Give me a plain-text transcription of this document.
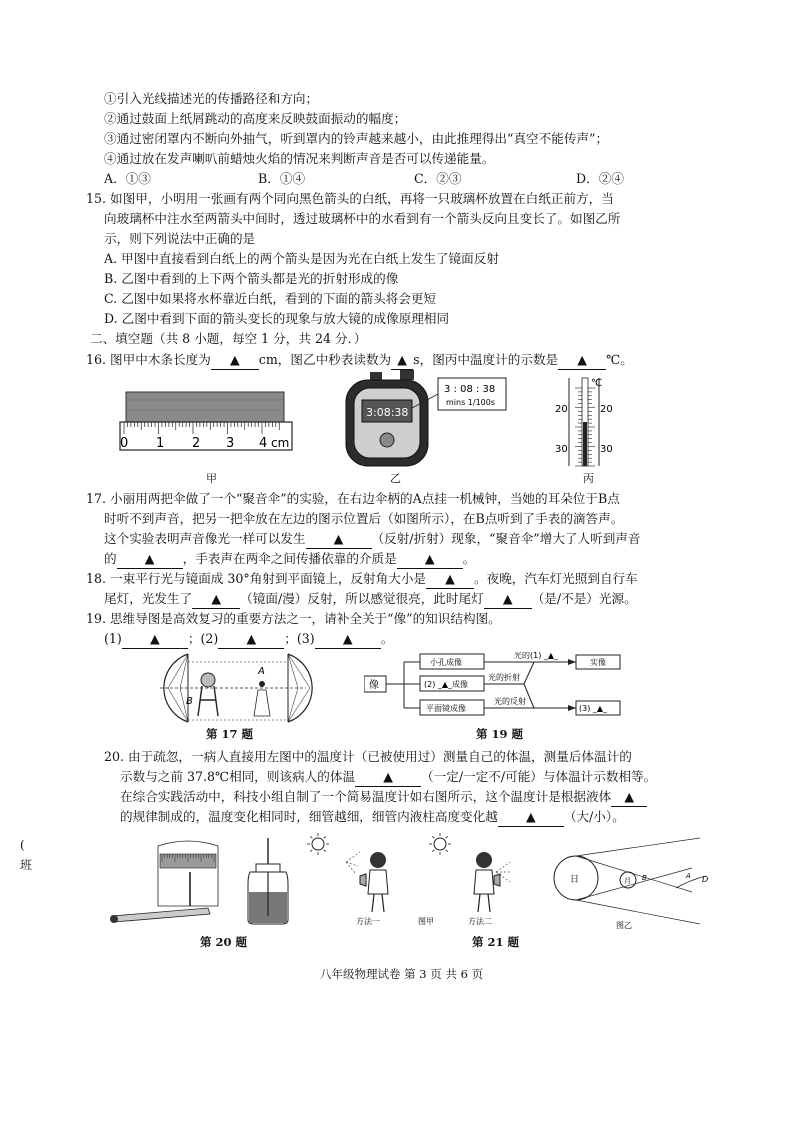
①引入光线描述光的传播路径和方向；
②通过鼓面上纸屑跳动的高度来反映鼓面振动的幅度；
③通过密闭罩内不断向外抽气，听到罩内的铃声越来越小，由此推理得出“真空不能传声”；
④通过放在发声喇叭前蜡烛火焰的情况来判断声音是否可以传递能量。
A．①③	B．①④	C．②③	D．②④
15. 如图甲，小明用一张画有两个同向黑色箭头的白纸，再将一只玻璃杯放置在白纸正前方，当
向玻璃杯中注水至两箭头中间时，透过玻璃杯中的水看到有一个箭头反向且变长了。如图乙所
示，则下列说法中正确的是
A. 甲图中直接看到白纸上的两个箭头是因为光在白纸上发生了镜面反射
B. 乙图中看到的上下两个箭头都是光的折射形成的像
C. 乙图中如果将水杯靠近白纸，看到的下面的箭头将会更短
D. 乙图中看到下面的箭头变长的现象与放大镜的成像原理相同
二、填空题（共 8 小题，每空 1 分，共 24 分．）
16. 图甲中木条长度为 ▲ cm，图乙中秒表读数为 ▲ s，图丙中温度计的示数是 ▲ ℃。
0 1 2 3 4 cm
3:08:38
3 : 08 : 38
mins 1/100s
℃
20
30
20
30
甲	乙	丙
17. 小丽用两把伞做了一个“聚音伞”的实验，在右边伞柄的A点挂一机械钟，当她的耳朵位于B点
时听不到声音，把另一把伞放在左边的图示位置后（如图所示），在B点听到了手表的滴答声。
这个实验表明声音像光一样可以发生 ▲ （反射/折射）现象，“聚音伞”增大了人听到声音
的 ▲ ，手表声在两伞之间传播依靠的介质是 ▲ 。
18. 一束平行光与镜面成 30°角射到平面镜上，反射角大小是 ▲ 。夜晚，汽车灯光照到自行车
尾灯，光发生了 ▲ （镜面/漫）反射，所以感觉很亮，此时尾灯 ▲ （是/不是）光源。
19. 思维导图是高效复习的重要方法之一，请补全关于“像”的知识结构图。
(1) ▲ ；(2) ▲ ；(3) ▲ 。
B
A
第 17 题
像
小孔成像
(2) _▲_成像
平面镜成像
光的(1) _▲_
光的折射
光的反射
实像
(3) _▲_
第 19 题
20. 由于疏忽，一病人直接用左图中的温度计（已被使用过）测量自己的体温，测量后体温计的
示数与之前 37.8℃相同，则该病人的体温 ▲ （一定/一定不/可能）与体温计示数相等。
在综合实践活动中，科技小组自制了一个简易温度计如右图所示，这个温度计是根据液体 ▲
的规律制成的，温度变化相同时，细管越细，细管内液柱高度变化越 ▲ （大/小）。
(
班
第 20 题
方法一	图甲	方法二
日	月 B	A D
图乙
第 21 题
八年级物理试卷 第 3 页 共 6 页
